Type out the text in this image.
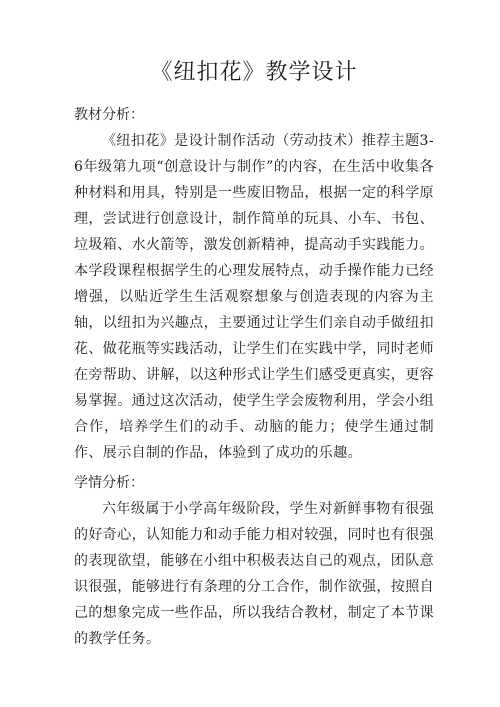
《纽扣花》教学设计

教材分析：

《纽扣花》是设计制作活动（劳动技术）推荐主题3-6年级第九项“创意设计与制作”的内容，在生活中收集各种材料和用具，特别是一些废旧物品，根据一定的科学原理，尝试进行创意设计，制作简单的玩具、小车、书包、垃圾箱、水火箭等，激发创新精神，提高动手实践能力。本学段课程根据学生的心理发展特点，动手操作能力已经增强，以贴近学生生活观察想象与创造表现的内容为主轴，以纽扣为兴趣点，主要通过让学生们亲自动手做纽扣花、做花瓶等实践活动，让学生们在实践中学，同时老师在旁帮助、讲解，以这种形式让学生们感受更真实，更容易掌握。通过这次活动，使学生学会废物利用，学会小组合作，培养学生们的动手、动脑的能力；使学生通过制作、展示自制的作品，体验到了成功的乐趣。

学情分析：

六年级属于小学高年级阶段，学生对新鲜事物有很强的好奇心，认知能力和动手能力相对较强，同时也有很强的表现欲望，能够在小组中积极表达自己的观点，团队意识很强，能够进行有条理的分工合作，制作欲强，按照自己的想象完成一些作品，所以我结合教材，制定了本节课的教学任务。
